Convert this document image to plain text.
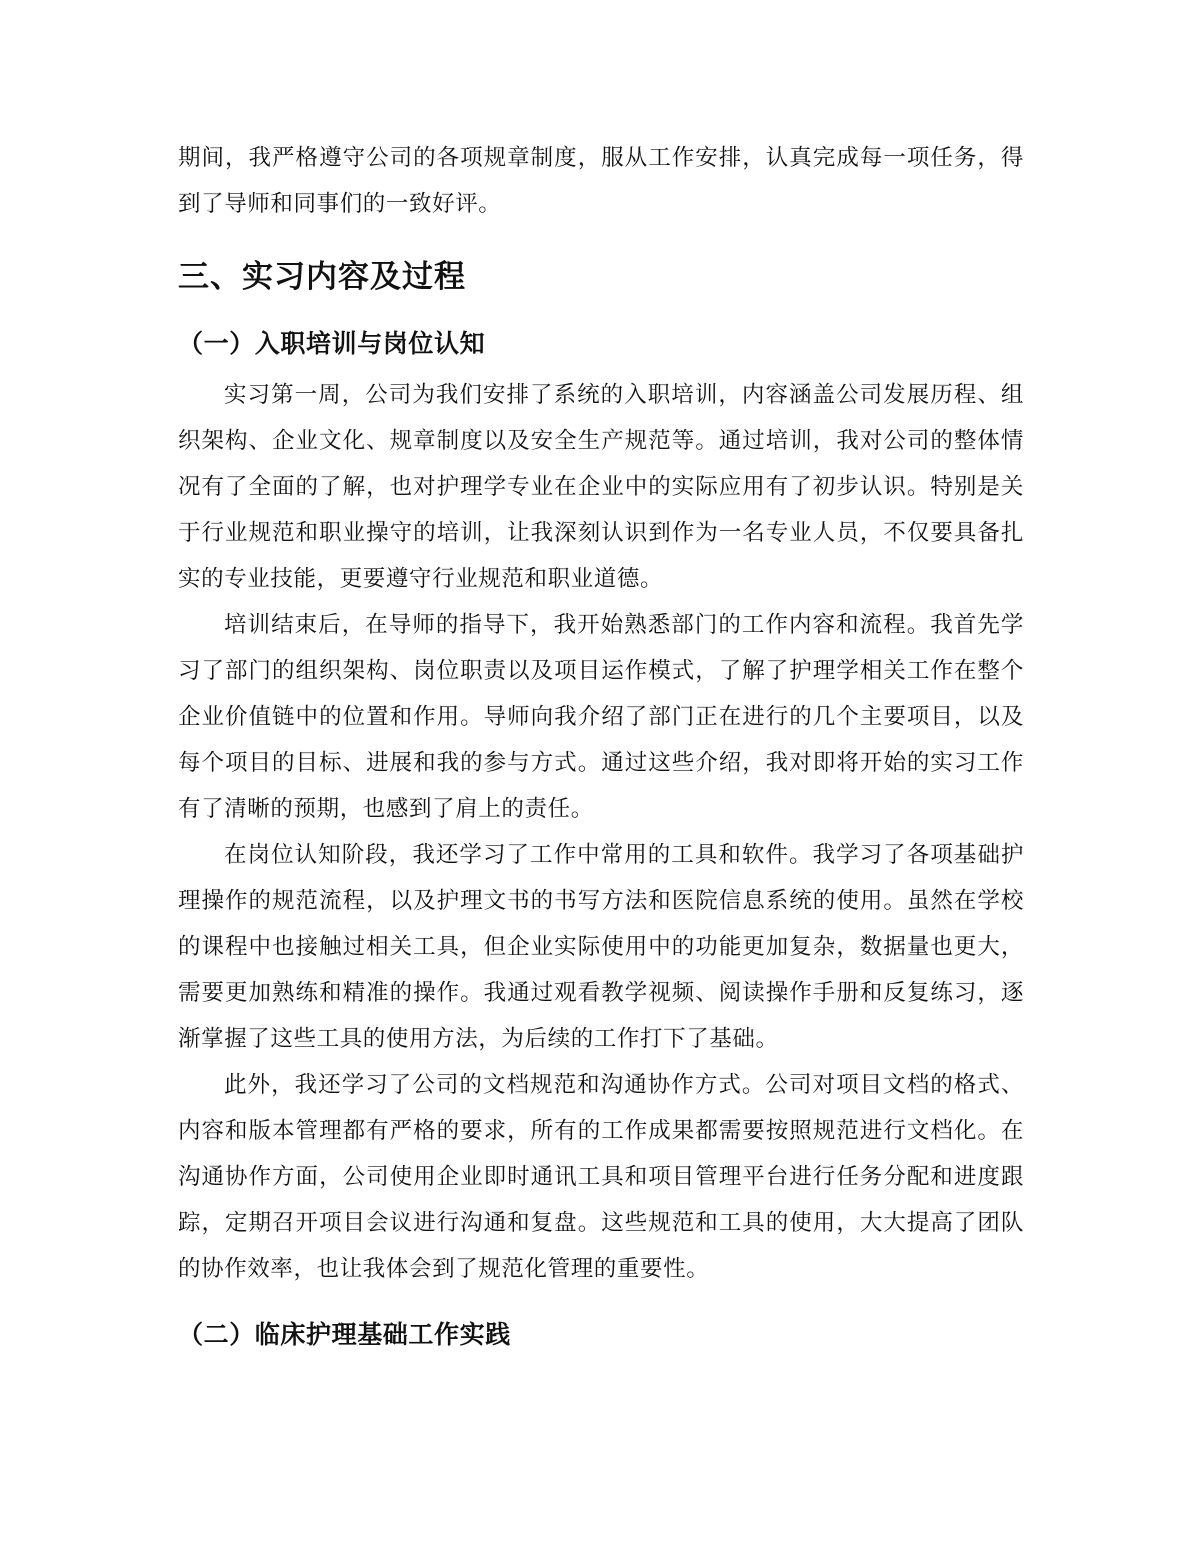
期间，我严格遵守公司的各项规章制度，服从工作安排，认真完成每一项任务，得到了导师和同事们的一致好评。

三、实习内容及过程
（一）入职培训与岗位认知

实习第一周，公司为我们安排了系统的入职培训，内容涵盖公司发展历程、组织架构、企业文化、规章制度以及安全生产规范等。通过培训，我对公司的整体情况有了全面的了解，也对护理学专业在企业中的实际应用有了初步认识。特别是关于行业规范和职业操守的培训，让我深刻认识到作为一名专业人员，不仅要具备扎实的专业技能，更要遵守行业规范和职业道德。

培训结束后，在导师的指导下，我开始熟悉部门的工作内容和流程。我首先学习了部门的组织架构、岗位职责以及项目运作模式，了解了护理学相关工作在整个企业价值链中的位置和作用。导师向我介绍了部门正在进行的几个主要项目，以及每个项目的目标、进展和我的参与方式。通过这些介绍，我对即将开始的实习工作有了清晰的预期，也感到了肩上的责任。

在岗位认知阶段，我还学习了工作中常用的工具和软件。我学习了各项基础护理操作的规范流程，以及护理文书的书写方法和医院信息系统的使用。虽然在学校的课程中也接触过相关工具，但企业实际使用中的功能更加复杂，数据量也更大，需要更加熟练和精准的操作。我通过观看教学视频、阅读操作手册和反复练习，逐渐掌握了这些工具的使用方法，为后续的工作打下了基础。

此外，我还学习了公司的文档规范和沟通协作方式。公司对项目文档的格式、内容和版本管理都有严格的要求，所有的工作成果都需要按照规范进行文档化。在沟通协作方面，公司使用企业即时通讯工具和项目管理平台进行任务分配和进度跟踪，定期召开项目会议进行沟通和复盘。这些规范和工具的使用，大大提高了团队的协作效率，也让我体会到了规范化管理的重要性。

（二）临床护理基础工作实践
